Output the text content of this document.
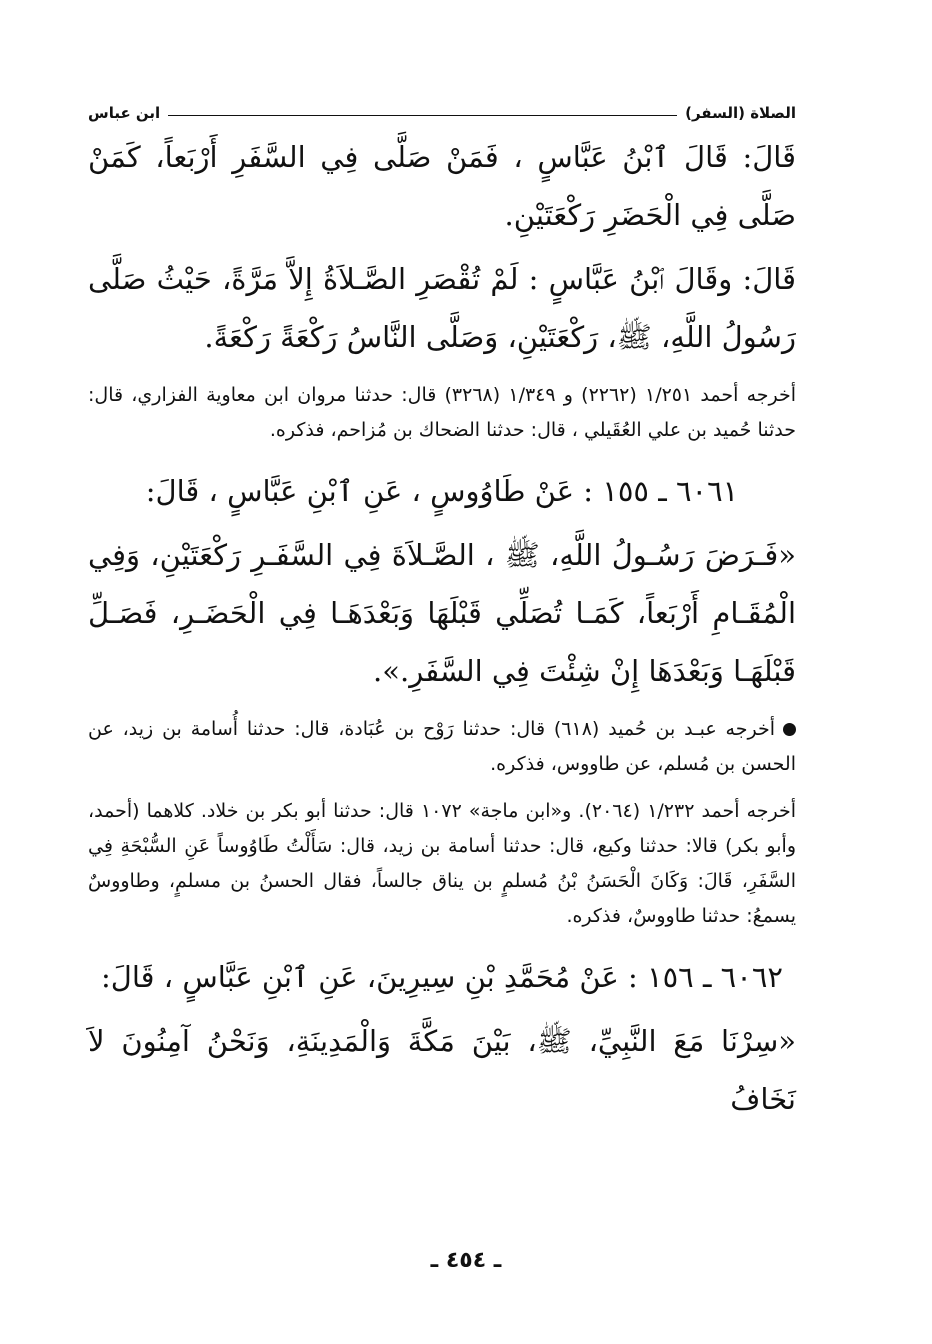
الصلاة (السفر)
ابن عباس

قَالَ: قَالَ ٱبْنُ عَبَّاسٍ ، فَمَنْ صَلَّى فِي السَّفَرِ أَرْبَعاً، كَمَنْ صَلَّى فِي الْحَضَرِ رَكْعَتَيْنِ.

قَالَ: وقَالَ ٱبْنُ عَبَّاسٍ : لَمْ تُقْصَرِ الصَّـلاَةُ إِلاَّ مَرَّةً، حَيْثُ صَلَّى رَسُولُ اللَّهِ، ﷺ، رَكْعَتَيْنِ، وَصَلَّى النَّاسُ رَكْعَةً رَكْعَةً.

أخرجه أحمد ١/٢٥١ (٢٢٦٢) و ١/٣٤٩ (٣٢٦٨) قال: حدثنا مروان ابن معاوية الفزاري، قال: حدثنا حُميد بن علي العُقَيلي ، قال: حدثنا الضحاك بن مُزاحم، فذكره.

٦٠٦١ ـ ١٥٥ : عَنْ طَاوُوسٍ ، عَنِ ٱبْنِ عَبَّاسٍ ، قَالَ:

«فَـرَضَ رَسُـولُ اللَّهِ، ﷺ ، الصَّـلاَةَ فِي السَّفَـرِ رَكْعَتَيْنِ، وَفِي الْمُقَـامِ أَرْبَعاً، كَمَـا تُصَلِّي قَبْلَهَا وَبَعْدَهَـا فِي الْحَضَـرِ، فَصَـلِّ قَبْلَهَـا وَبَعْدَهَا إِنْ شِئْتَ فِي السَّفَرِ.».

أخرجه عبـد بن حُميد (٦١٨) قال: حدثنا رَوْح بن عُبَادة، قال: حدثنا أُسامة بن زيد، عن الحسن بن مُسلم، عن طاووس، فذكره.

أخرجه أحمد ١/٢٣٢ (٢٠٦٤). و«ابن ماجة» ١٠٧٢ قال: حدثنا أبو بكر بن خلاد. كلاهما (أحمد، وأبو بكر) قالا: حدثنا وكيع، قال: حدثنا أسامة بن زيد، قال: سَأَلْتُ طَاوُوساً عَنِ السُّبْحَةِ فِي السَّفَرِ، قَالَ: وَكَانَ الْحَسَنُ بْنُ مُسلمٍ بن يناق جالساً، فقال الحسنُ بن مسلمٍ، وطاووسٌ يسمعُ: حدثنا طاووسٌ، فذكره.

٦٠٦٢ ـ ١٥٦ : عَنْ مُحَمَّدِ بْنِ سِيرِينَ، عَنِ ٱبْنِ عَبَّاسٍ ، قَالَ:

«سِرْنَا مَعَ النَّبِيِّ، ﷺ، بَيْنَ مَكَّةَ وَالْمَدِينَةِ، وَنَحْنُ آمِنُونَ لاَ نَخَافُ

ـ ٤٥٤ ـ
